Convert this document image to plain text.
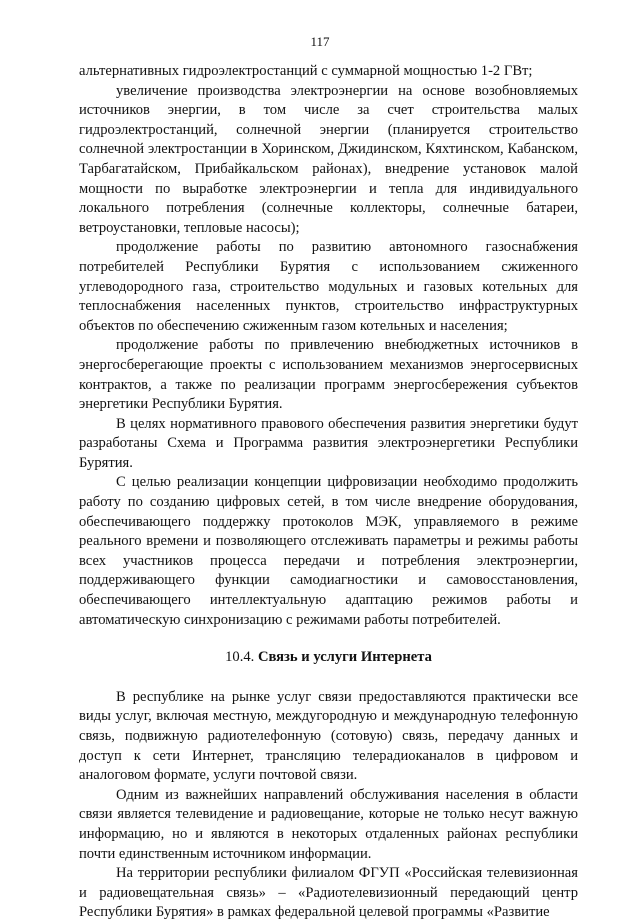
117

альтернативных гидроэлектростанций с суммарной мощностью 1-2 ГВт;

увеличение производства электроэнергии на основе возобновляемых источников энергии, в том числе за счет строительства малых гидроэлектростанций, солнечной энергии (планируется строительство солнечной электростанции в Хоринском, Джидинском, Кяхтинском, Кабанском, Тарбагатайском, Прибайкальском районах), внедрение установок малой мощности по выработке электроэнергии и тепла для индивидуального локального потребления (солнечные коллекторы, солнечные батареи, ветроустановки, тепловые насосы);

продолжение работы по развитию автономного газоснабжения потребителей Республики Бурятия с использованием сжиженного углеводородного газа, строительство модульных и газовых котельных для теплоснабжения населенных пунктов, строительство инфраструктурных объектов по обеспечению сжиженным газом котельных и населения;

продолжение работы по привлечению внебюджетных источников в энергосберегающие проекты с использованием механизмов энергосервисных контрактов, а также по реализации программ энергосбережения субъектов энергетики Республики Бурятия.

В целях нормативного правового обеспечения развития энергетики будут разработаны Схема и Программа развития электроэнергетики Республики Бурятия.

С целью реализации концепции цифровизации необходимо продолжить работу по созданию цифровых сетей, в том числе внедрение оборудования, обеспечивающего поддержку протоколов МЭК, управляемого в режиме реального времени и позволяющего отслеживать параметры и режимы работы всех участников процесса передачи и потребления электроэнергии, поддерживающего функции самодиагностики и самовосстановления, обеспечивающего интеллектуальную адаптацию режимов работы и автоматическую синхронизацию с режимами работы потребителей.

10.4. Связь и услуги Интернета

В республике на рынке услуг связи предоставляются практически все виды услуг, включая местную, междугородную и международную телефонную связь, подвижную радиотелефонную (сотовую) связь, передачу данных и доступ к сети Интернет, трансляцию телерадиоканалов в цифровом и аналоговом формате, услуги почтовой связи.

Одним из важнейших направлений обслуживания населения в области связи является телевидение и радиовещание, которые не только несут важную информацию, но и являются в некоторых отдаленных районах республики почти единственным источником информации.

На территории республики филиалом ФГУП «Российская телевизионная и радиовещательная связь» – «Радиотелевизионный передающий центр Республики Бурятия» в рамках федеральной целевой программы «Развитие
